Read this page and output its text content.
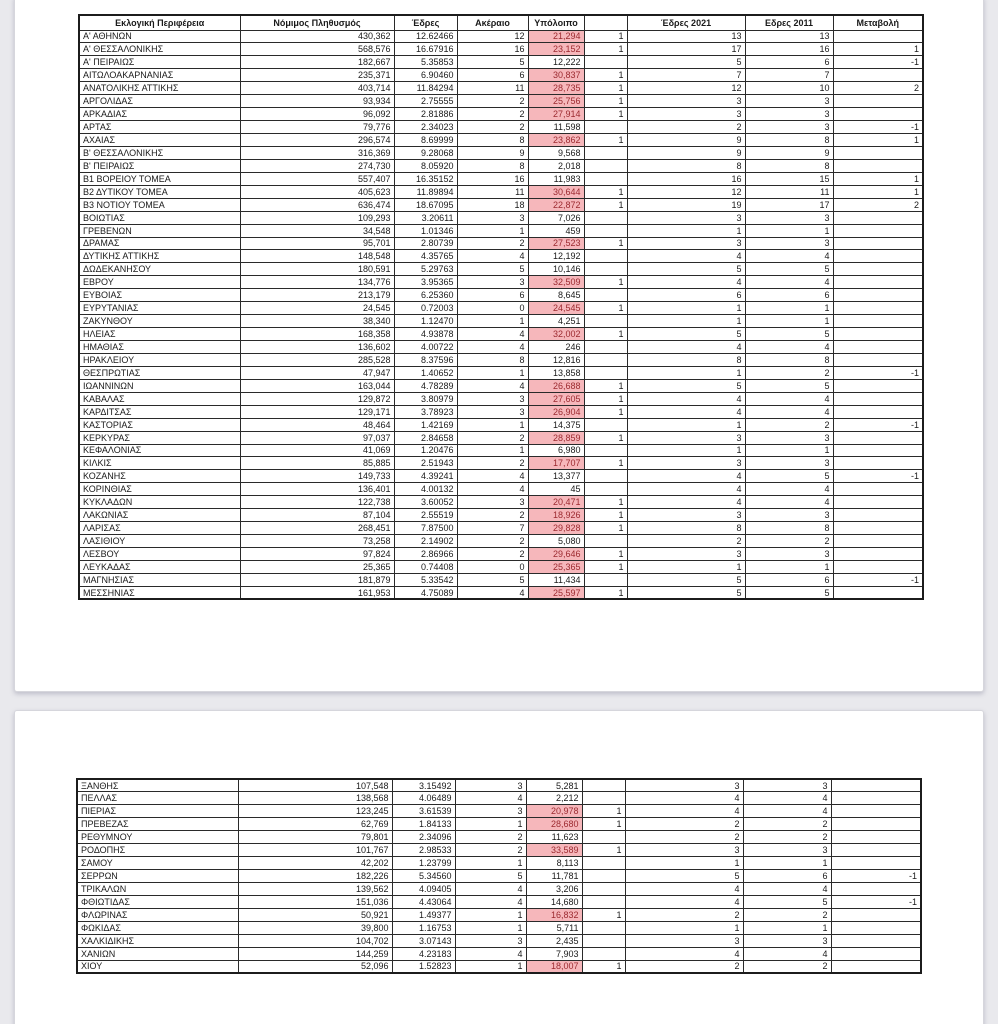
Εκλογική Περιφέρεια	Νόμιμος Πληθυσμός	Έδρες	Ακέραιο	Υπόλοιπο		Έδρες 2021	Εδρες 2011	Μεταβολή
Α' ΑΘΗΝΩΝ	430,362	12.62466	12	21,294	1	13	13	
Α' ΘΕΣΣΑΛΟΝΙΚΗΣ	568,576	16.67916	16	23,152	1	17	16	1
Α' ΠΕΙΡΑΙΩΣ	182,667	5.35853	5	12,222		5	6	-1
ΑΙΤΩΛΟΑΚΑΡΝΑΝΙΑΣ	235,371	6.90460	6	30,837	1	7	7	
ΑΝΑΤΟΛΙΚΗΣ ΑΤΤΙΚΗΣ	403,714	11.84294	11	28,735	1	12	10	2
ΑΡΓΟΛΙΔΑΣ	93,934	2.75555	2	25,756	1	3	3	
ΑΡΚΑΔΙΑΣ	96,092	2.81886	2	27,914	1	3	3	
ΑΡΤΑΣ	79,776	2.34023	2	11,598		2	3	-1
ΑΧΑΙΑΣ	296,574	8.69999	8	23,862	1	9	8	1
Β' ΘΕΣΣΑΛΟΝΙΚΗΣ	316,369	9.28068	9	9,568		9	9	
Β' ΠΕΙΡΑΙΩΣ	274,730	8.05920	8	2,018		8	8	
Β1 ΒΟΡΕΙΟΥ ΤΟΜΕΑ	557,407	16.35152	16	11,983		16	15	1
Β2 ΔΥΤΙΚΟΥ ΤΟΜΕΑ	405,623	11.89894	11	30,644	1	12	11	1
Β3 ΝΟΤΙΟΥ ΤΟΜΕΑ	636,474	18.67095	18	22,872	1	19	17	2
ΒΟΙΩΤΙΑΣ	109,293	3.20611	3	7,026		3	3	
ΓΡΕΒΕΝΩΝ	34,548	1.01346	1	459		1	1	
ΔΡΑΜΑΣ	95,701	2.80739	2	27,523	1	3	3	
ΔΥΤΙΚΗΣ ΑΤΤΙΚΗΣ	148,548	4.35765	4	12,192		4	4	
ΔΩΔΕΚΑΝΗΣΟΥ	180,591	5.29763	5	10,146		5	5	
ΕΒΡΟΥ	134,776	3.95365	3	32,509	1	4	4	
ΕΥΒΟΙΑΣ	213,179	6.25360	6	8,645		6	6	
ΕΥΡΥΤΑΝΙΑΣ	24,545	0.72003	0	24,545	1	1	1	
ΖΑΚΥΝΘΟΥ	38,340	1.12470	1	4,251		1	1	
ΗΛΕΙΑΣ	168,358	4.93878	4	32,002	1	5	5	
ΗΜΑΘΙΑΣ	136,602	4.00722	4	246		4	4	
ΗΡΑΚΛΕΙΟΥ	285,528	8.37596	8	12,816		8	8	
ΘΕΣΠΡΩΤΙΑΣ	47,947	1.40652	1	13,858		1	2	-1
ΙΩΑΝΝΙΝΩΝ	163,044	4.78289	4	26,688	1	5	5	
ΚΑΒΑΛΑΣ	129,872	3.80979	3	27,605	1	4	4	
ΚΑΡΔΙΤΣΑΣ	129,171	3.78923	3	26,904	1	4	4	
ΚΑΣΤΟΡΙΑΣ	48,464	1.42169	1	14,375		1	2	-1
ΚΕΡΚΥΡΑΣ	97,037	2.84658	2	28,859	1	3	3	
ΚΕΦΑΛΟΝΙΑΣ	41,069	1.20476	1	6,980		1	1	
ΚΙΛΚΙΣ	85,885	2.51943	2	17,707	1	3	3	
ΚΟΖΑΝΗΣ	149,733	4.39241	4	13,377		4	5	-1
ΚΟΡΙΝΘΙΑΣ	136,401	4.00132	4	45		4	4	
ΚΥΚΛΑΔΩΝ	122,738	3.60052	3	20,471	1	4	4	
ΛΑΚΩΝΙΑΣ	87,104	2.55519	2	18,926	1	3	3	
ΛΑΡΙΣΑΣ	268,451	7.87500	7	29,828	1	8	8	
ΛΑΣΙΘΙΟΥ	73,258	2.14902	2	5,080		2	2	
ΛΕΣΒΟΥ	97,824	2.86966	2	29,646	1	3	3	
ΛΕΥΚΑΔΑΣ	25,365	0.74408	0	25,365	1	1	1	
ΜΑΓΝΗΣΙΑΣ	181,879	5.33542	5	11,434		5	6	-1
ΜΕΣΣΗΝΙΑΣ	161,953	4.75089	4	25,597	1	5	5	
ΞΑΝΘΗΣ	107,548	3.15492	3	5,281		3	3	
ΠΕΛΛΑΣ	138,568	4.06489	4	2,212		4	4	
ΠΙΕΡΙΑΣ	123,245	3.61539	3	20,978	1	4	4	
ΠΡΕΒΕΖΑΣ	62,769	1.84133	1	28,680	1	2	2	
ΡΕΘΥΜΝΟΥ	79,801	2.34096	2	11,623		2	2	
ΡΟΔΟΠΗΣ	101,767	2.98533	2	33,589	1	3	3	
ΣΑΜΟΥ	42,202	1.23799	1	8,113		1	1	
ΣΕΡΡΩΝ	182,226	5.34560	5	11,781		5	6	-1
ΤΡΙΚΑΛΩΝ	139,562	4.09405	4	3,206		4	4	
ΦΘΙΩΤΙΔΑΣ	151,036	4.43064	4	14,680		4	5	-1
ΦΛΩΡΙΝΑΣ	50,921	1.49377	1	16,832	1	2	2	
ΦΩΚΙΔΑΣ	39,800	1.16753	1	5,711		1	1	
ΧΑΛΚΙΔΙΚΗΣ	104,702	3.07143	3	2,435		3	3	
ΧΑΝΙΩΝ	144,259	4.23183	4	7,903		4	4	
ΧΙΟΥ	52,096	1.52823	1	18,007	1	2	2	
